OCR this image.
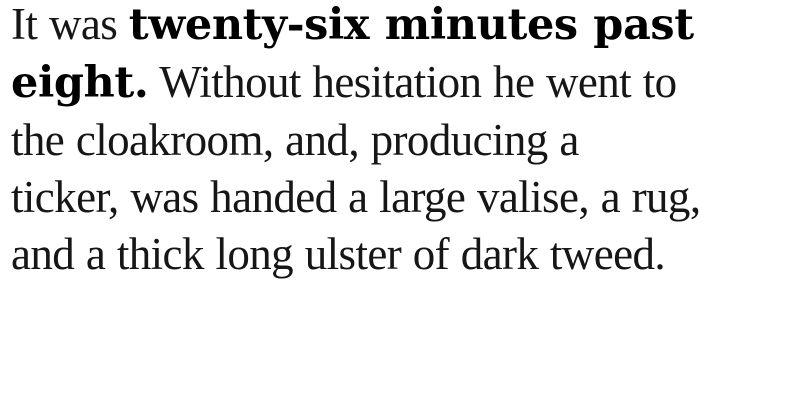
It was twenty-six minutes past
eight. Without hesitation he went to
the cloakroom, and, producing a
ticker, was handed a large valise, a rug,
and a thick long ulster of dark tweed.
